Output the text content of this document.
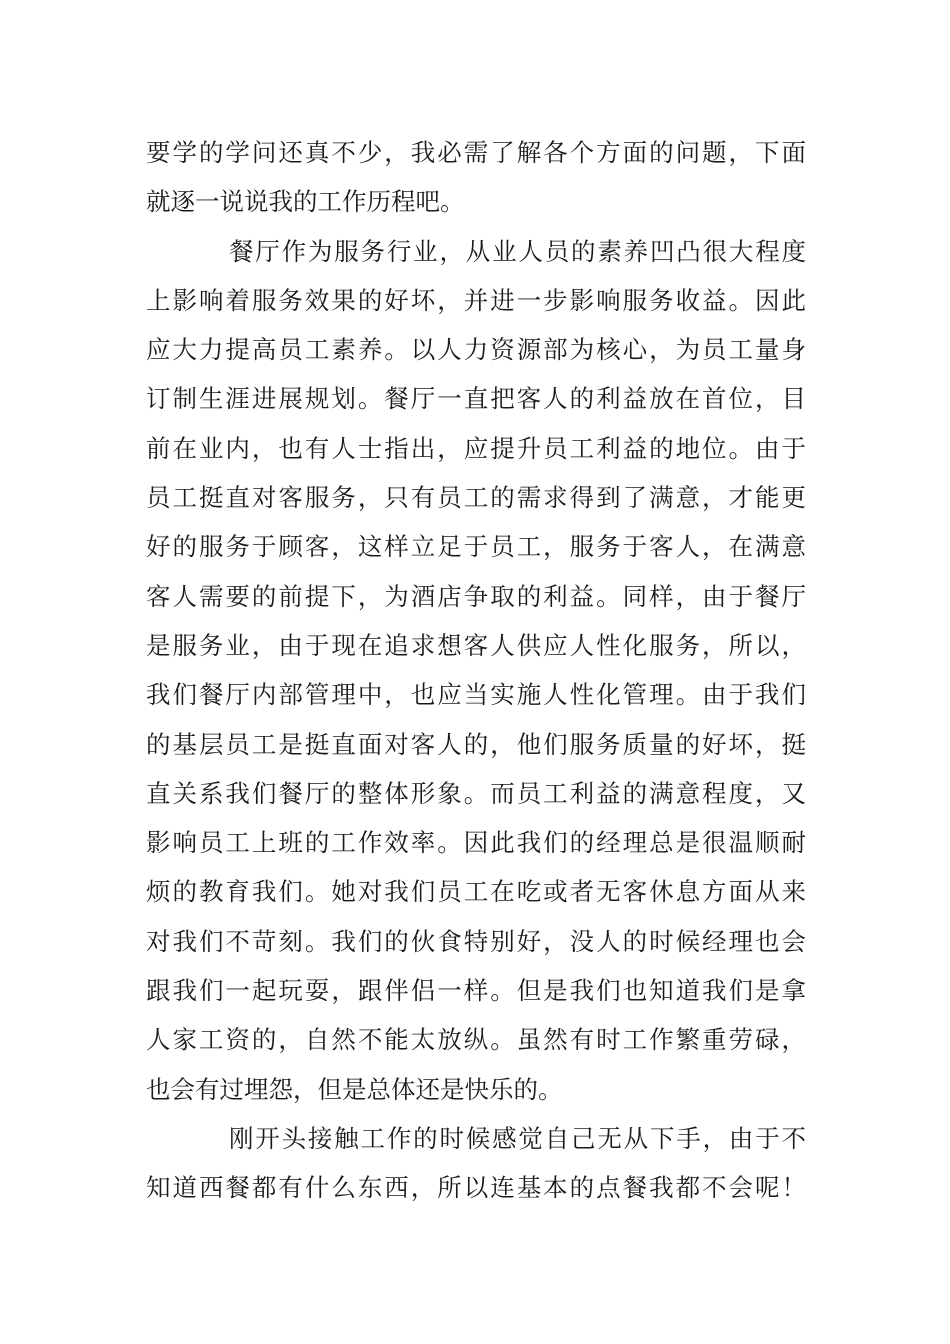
要学的学问还真不少，我必需了解各个方面的问题，下面
就逐一说说我的工作历程吧。
餐厅作为服务行业，从业人员的素养凹凸很大程度
上影响着服务效果的好坏，并进一步影响服务收益。因此
应大力提高员工素养。以人力资源部为核心，为员工量身
订制生涯进展规划。餐厅一直把客人的利益放在首位，目
前在业内，也有人士指出，应提升员工利益的地位。由于
员工挺直对客服务，只有员工的需求得到了满意，才能更
好的服务于顾客，这样立足于员工，服务于客人，在满意
客人需要的前提下，为酒店争取的利益。同样，由于餐厅
是服务业，由于现在追求想客人供应人性化服务，所以，
我们餐厅内部管理中，也应当实施人性化管理。由于我们
的基层员工是挺直面对客人的，他们服务质量的好坏，挺
直关系我们餐厅的整体形象。而员工利益的满意程度，又
影响员工上班的工作效率。因此我们的经理总是很温顺耐
烦的教育我们。她对我们员工在吃或者无客休息方面从来
对我们不苛刻。我们的伙食特别好，没人的时候经理也会
跟我们一起玩耍，跟伴侣一样。但是我们也知道我们是拿
人家工资的，自然不能太放纵。虽然有时工作繁重劳碌，
也会有过埋怨，但是总体还是快乐的。
刚开头接触工作的时候感觉自己无从下手，由于不
知道西餐都有什么东西，所以连基本的点餐我都不会呢！
